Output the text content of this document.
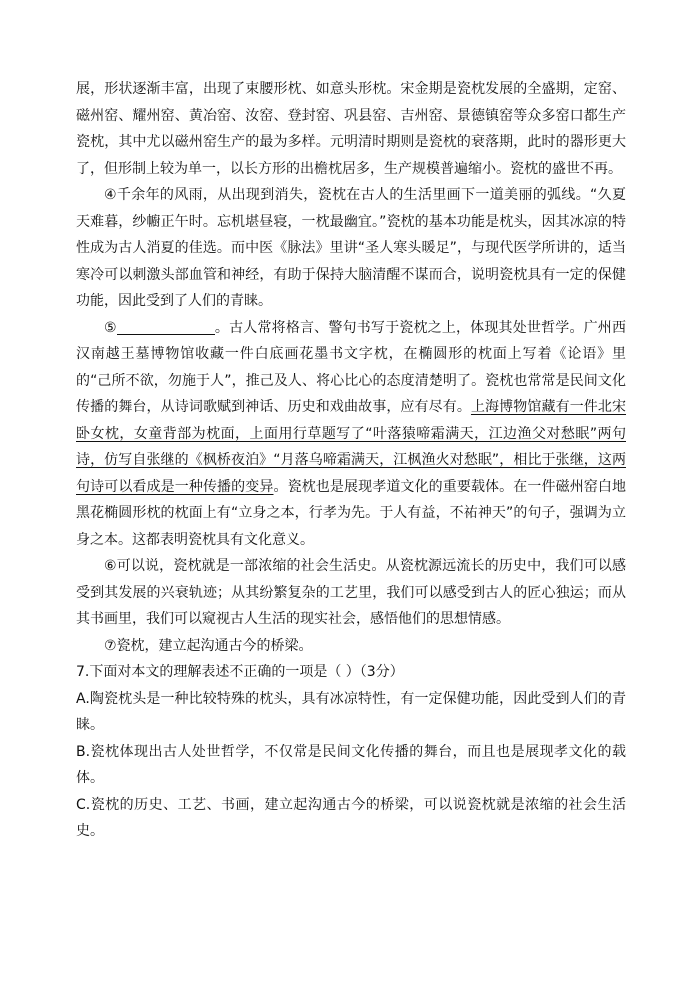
展，形状逐渐丰富，出现了束腰形枕、如意头形枕。宋金期是瓷枕发展的全盛期，定窑、磁州窑、耀州窑、黄冶窑、汝窑、登封窑、巩县窑、吉州窑、景德镇窑等众多窑口都生产瓷枕，其中尤以磁州窑生产的最为多样。元明清时期则是瓷枕的衰落期，此时的器形更大了，但形制上较为单一，以长方形的出檐枕居多，生产规模普遍缩小。瓷枕的盛世不再。

④千余年的风雨，从出现到消失，瓷枕在古人的生活里画下一道美丽的弧线。“久夏天难暮，纱幮正午时。忘机堪昼寝，一枕最幽宜。”瓷枕的基本功能是枕头，因其冰凉的特性成为古人消夏的佳选。而中医《脉法》里讲“圣人寒头暖足”，与现代医学所讲的，适当寒冷可以刺激头部血管和神经，有助于保持大脑清醒不谋而合，说明瓷枕具有一定的保健功能，因此受到了人们的青睐。

⑤	。古人常将格言、警句书写于瓷枕之上，体现其处世哲学。广州西汉南越王墓博物馆收藏一件白底画花墨书文字枕，在椭圆形的枕面上写着《论语》里的“己所不欲，勿施于人”，推己及人、将心比心的态度清楚明了。瓷枕也常常是民间文化传播的舞台，从诗词歌赋到神话、历史和戏曲故事，应有尽有。上海博物馆藏有一件北宋卧女枕，女童背部为枕面，上面用行草题写了“叶落猿啼霜满天，江边渔父对愁眠”两句诗，仿写自张继的《枫桥夜泊》“月落乌啼霜满天，江枫渔火对愁眠”，相比于张继，这两句诗可以看成是一种传播的变异。瓷枕也是展现孝道文化的重要载体。在一件磁州窑白地黑花椭圆形枕的枕面上有“立身之本，行孝为先。于人有益，不祐神天”的句子，强调为立身之本。这都表明瓷枕具有文化意义。

⑥可以说，瓷枕就是一部浓缩的社会生活史。从瓷枕源远流长的历史中，我们可以感受到其发展的兴衰轨迹；从其纷繁复杂的工艺里，我们可以感受到古人的匠心独运；而从其书画里，我们可以窥视古人生活的现实社会，感悟他们的思想情感。

⑦瓷枕，建立起沟通古今的桥梁。

7.下面对本文的理解表述不正确的一项是（ ）（3分）

A.陶瓷枕头是一种比较特殊的枕头，具有冰凉特性，有一定保健功能，因此受到人们的青睐。

B.瓷枕体现出古人处世哲学，不仅常是民间文化传播的舞台，而且也是展现孝文化的载体。

C.瓷枕的历史、工艺、书画，建立起沟通古今的桥梁，可以说瓷枕就是浓缩的社会生活史。
